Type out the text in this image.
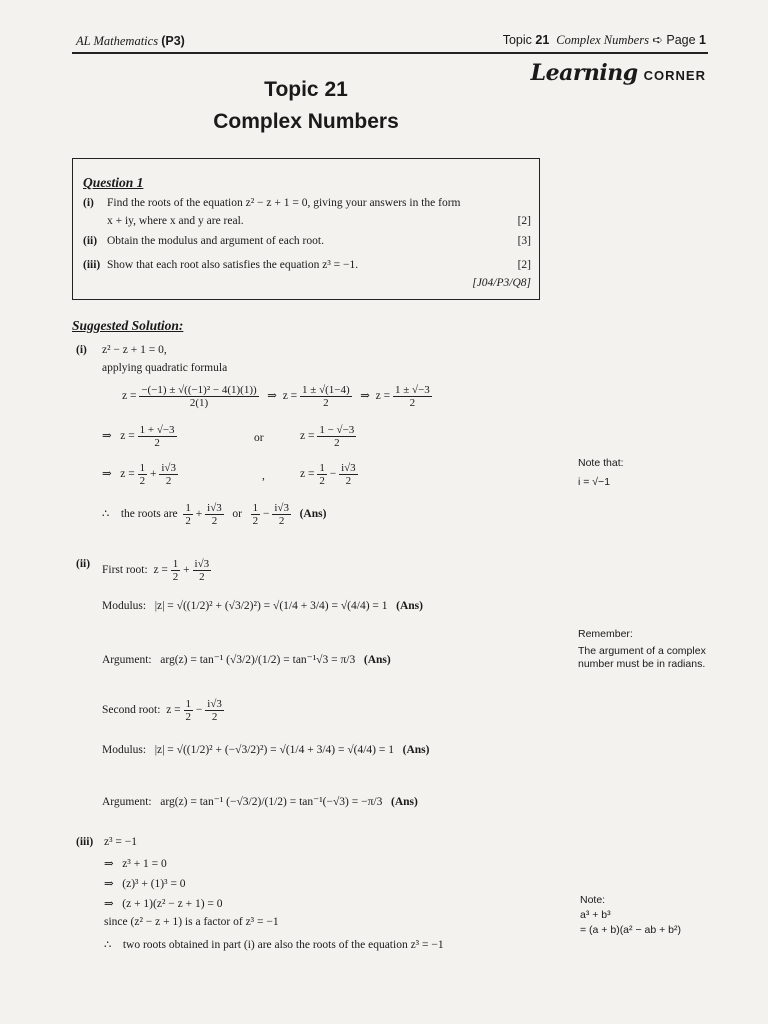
AL Mathematics (P3)	Topic 21 Complex Numbers ➪ Page 1
Learning CORNER
Topic 21
Complex Numbers
Question 1
(i) Find the roots of the equation z² − z + 1 = 0, giving your answers in the form
x + iy, where x and y are real.	[2]
(ii) Obtain the modulus and argument of each root.	[3]
(iii) Show that each root also satisfies the equation z³ = −1.	[2]
[J04/P3/Q8]
Suggested Solution:
(i) z² − z + 1 = 0,
applying quadratic formula
$z = \frac{\text{−(−1) ± √((−1)² − 4(1)(1))}}{2(1)}$ ⇒ $z = \frac{1 \pm √(1-4)}{2}$ ⇒ $z = \frac{1 \pm √-3}{2}$
⇒ $z = \frac{1 + √-3}{2}$	or	$z = \frac{1 - √-3}{2}$
⇒ $z = \frac{1}{2} + \frac{i√3}{2}$	,	$z = \frac{1}{2} - \frac{i√3}{2}$
∴ the roots are $\frac{1}{2} + \frac{i√3}{2}$ or $\frac{1}{2} - \frac{i√3}{2} (Ans)$
(ii)
First root: $z = \frac{1}{2} + \frac{i√3}{2}$
Modulus: |z| = √((1/2)² + (√3/2)²) = √(1/4 + 3/4) = √(4/4) = 1 (Ans)
Argument: arg(z) = tan⁻¹ (√3/2)/(1/2) = tan⁻¹√3 = π/3 (Ans)
Second root: $z = \frac{1}{2} - \frac{i√3}{2}$
Modulus: |z| = √((1/2)² + (−√3/2)²) = √(1/4 + 3/4) = √(4/4) = 1 (Ans)
Argument: arg(z) = tan⁻¹ (−√3/2)/(1/2) = tan⁻¹(−√3) = −π/3 (Ans)
(iii) z³ = −1
⇒ z³ + 1 = 0
⇒ (z)³ + (1)³ = 0
⇒ (z + 1)(z² − z + 1) = 0
since (z² − z + 1) is a factor of z³ = −1
∴ two roots obtained in part (i) are also the roots of the equation z³ = −1
Note that:
i = √−1
Remember:
The argument of a complex number must be in radians.
Note:
a³ + b³
= (a + b)(a² − ab + b²)
